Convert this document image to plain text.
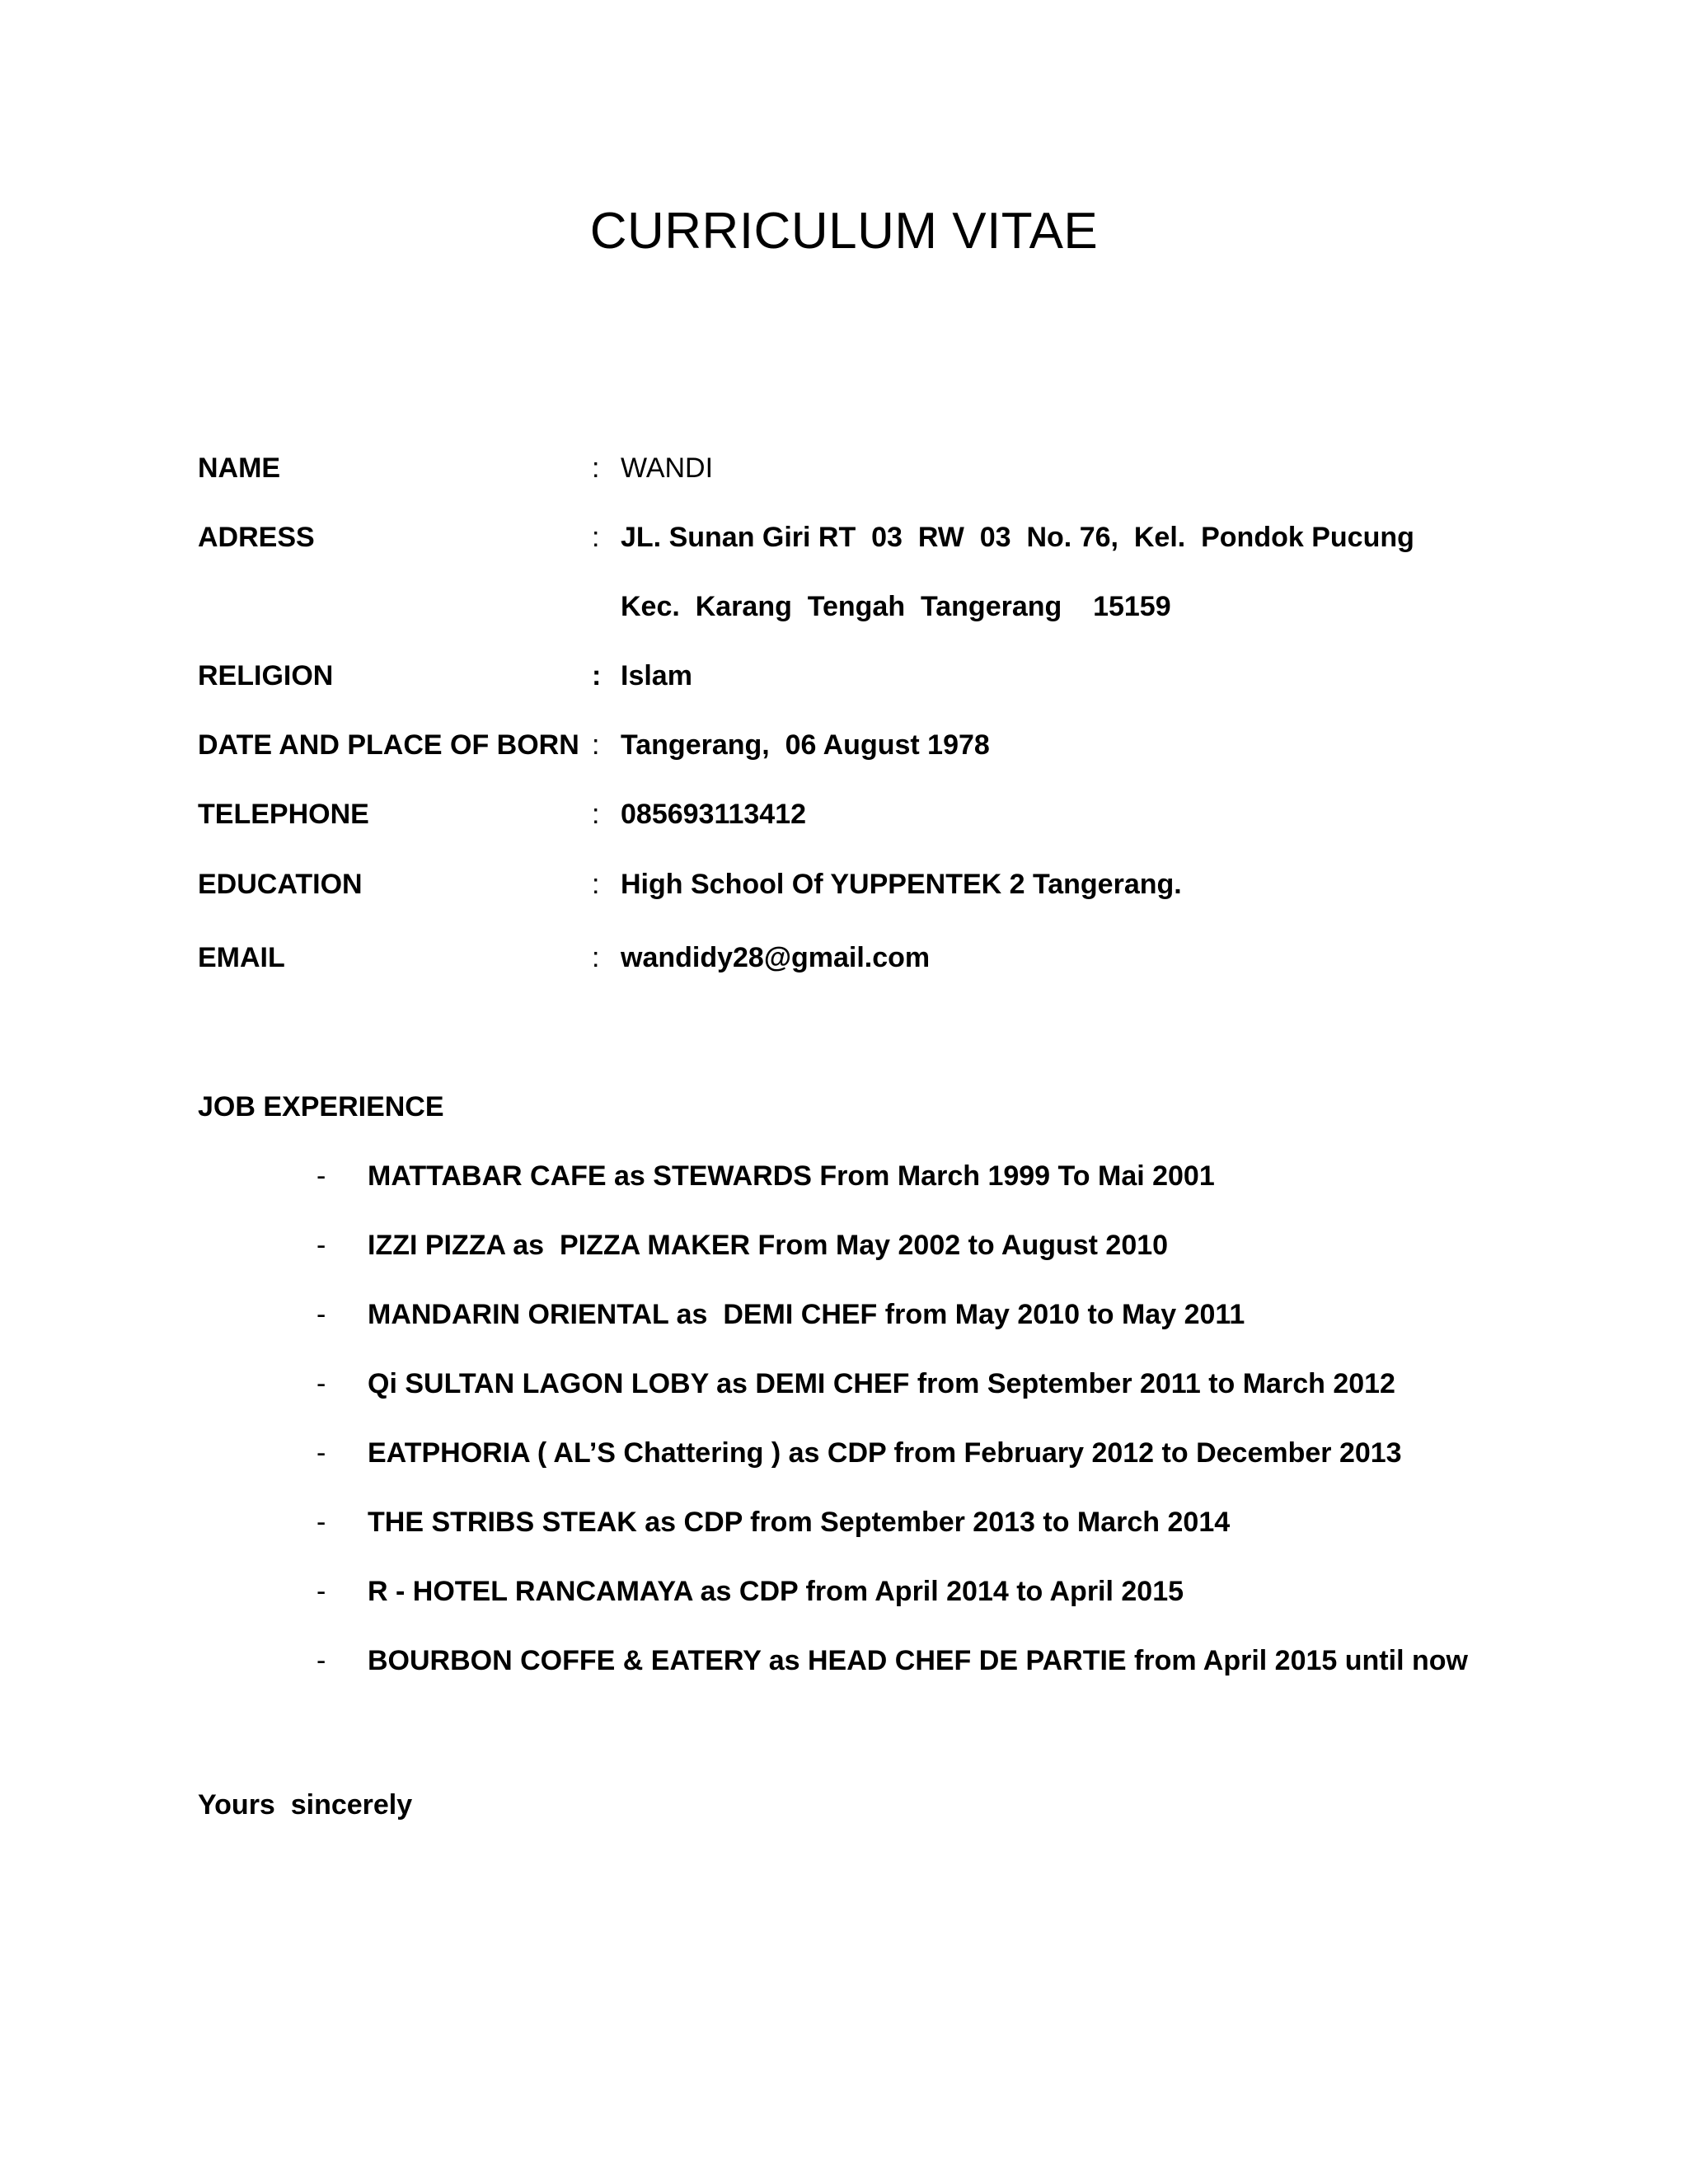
CURRICULUM VITAE
NAME	: WANDI
ADRESS	: JL. Sunan Giri RT  03  RW  03  No. 76,  Kel.  Pondok Pucung
Kec.  Karang  Tengah  Tangerang    15159
RELIGION	: Islam
DATE AND PLACE OF BORN : Tangerang,  06 August 1978
TELEPHONE	: 085693113412
EDUCATION	: High School Of YUPPENTEK 2 Tangerang.
EMAIL	: wandidy28@gmail.com
JOB EXPERIENCE

-

MATTABAR CAFE as STEWARDS From March 1999 To Mai 2001

-

IZZI PIZZA as  PIZZA MAKER From May 2002 to August 2010

-

MANDARIN ORIENTAL as  DEMI CHEF from May 2010 to May 2011

-

Qi SULTAN LAGON LOBY as DEMI CHEF from September 2011 to March 2012

-

EATPHORIA ( AL’S Chattering ) as CDP from February 2012 to December 2013

-

THE STRIBS STEAK as CDP from September 2013 to March 2014

-

R - HOTEL RANCAMAYA as CDP from April 2014 to April 2015

-

BOURBON COFFE & EATERY as HEAD CHEF DE PARTIE from April 2015 until now

Yours  sincerely
